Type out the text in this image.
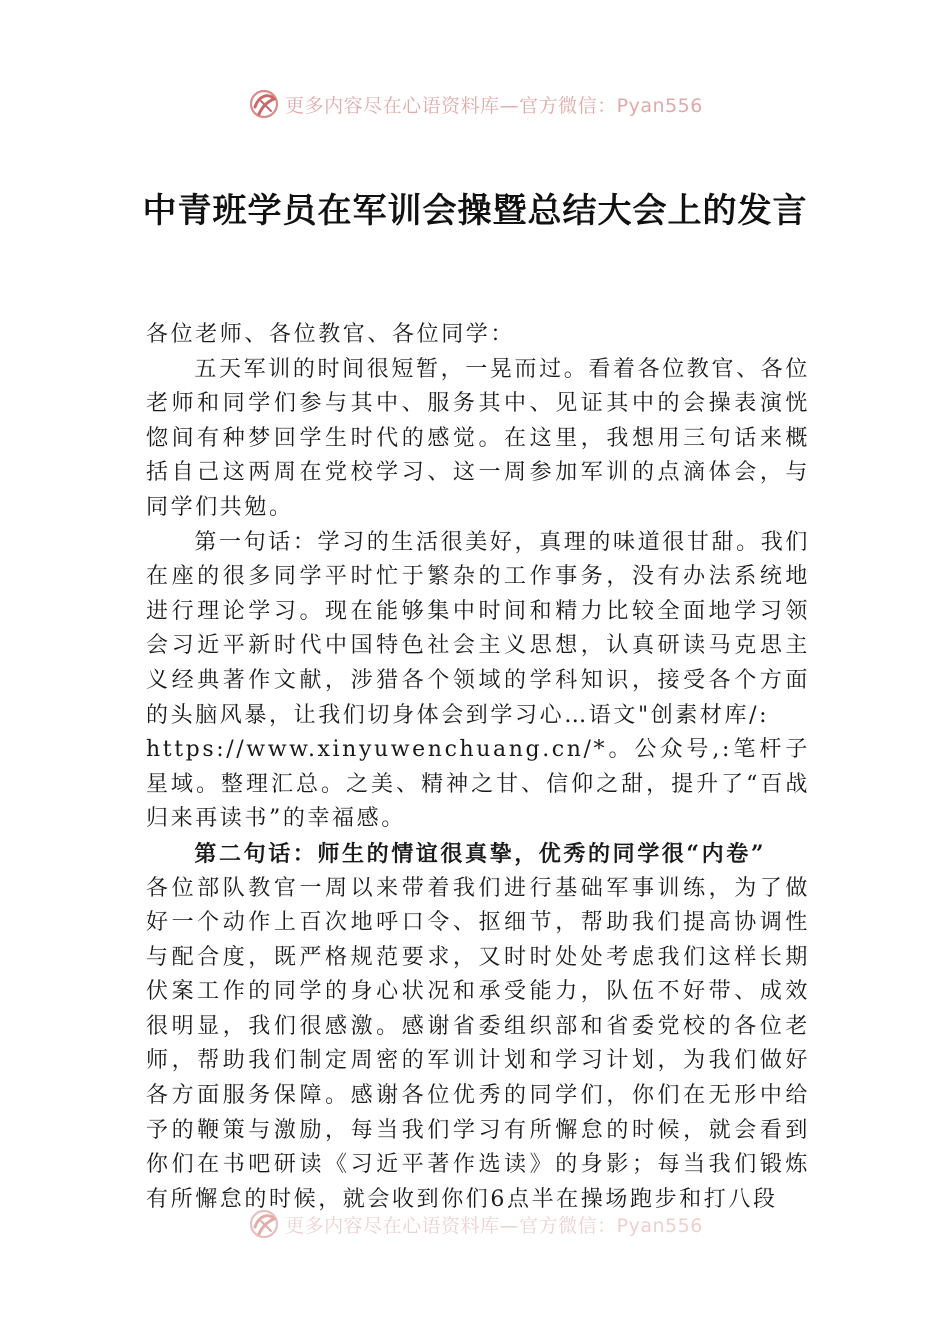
更多内容尽在心语资料库—官方微信：Pyan556
中青班学员在军训会操暨总结大会上的发言

各位老师、各位教官、各位同学：

五天军训的时间很短暂，一晃而过。看着各位教官、各位老师和同学们参与其中、服务其中、见证其中的会操表演恍惚间有种梦回学生时代的感觉。在这里，我想用三句话来概括自己这两周在党校学习、这一周参加军训的点滴体会，与同学们共勉。

第一句话：学习的生活很美好，真理的味道很甘甜。我们在座的很多同学平时忙于繁杂的工作事务，没有办法系统地进行理论学习。现在能够集中时间和精力比较全面地学习领会习近平新时代中国特色社会主义思想，认真研读马克思主义经典著作文献，涉猎各个领域的学科知识，接受各个方面的头脑风暴，让我们切身体会到学习心…语文"创素材库/:

https://www.xinyuwenchuang.cn/*。公众号,:笔杆子星域。整理汇总。之美、精神之甘、信仰之甜，提升了“百战归来再读书”的幸福感。

第二句话：师生的情谊很真挚，优秀的同学很“内卷”

各位部队教官一周以来带着我们进行基础军事训练，为了做好一个动作上百次地呼口令、抠细节，帮助我们提高协调性与配合度，既严格规范要求，又时时处处考虑我们这样长期伏案工作的同学的身心状况和承受能力，队伍不好带、成效很明显，我们很感激。感谢省委组织部和省委党校的各位老师，帮助我们制定周密的军训计划和学习计划，为我们做好各方面服务保障。感谢各位优秀的同学们，你们在无形中给予的鞭策与激励，每当我们学习有所懈怠的时候，就会看到你们在书吧研读《习近平著作选读》的身影；每当我们锻炼有所懈怠的时候，就会收到你们6点半在操场跑步和打八段

更多内容尽在心语资料库—官方微信：Pyan556
